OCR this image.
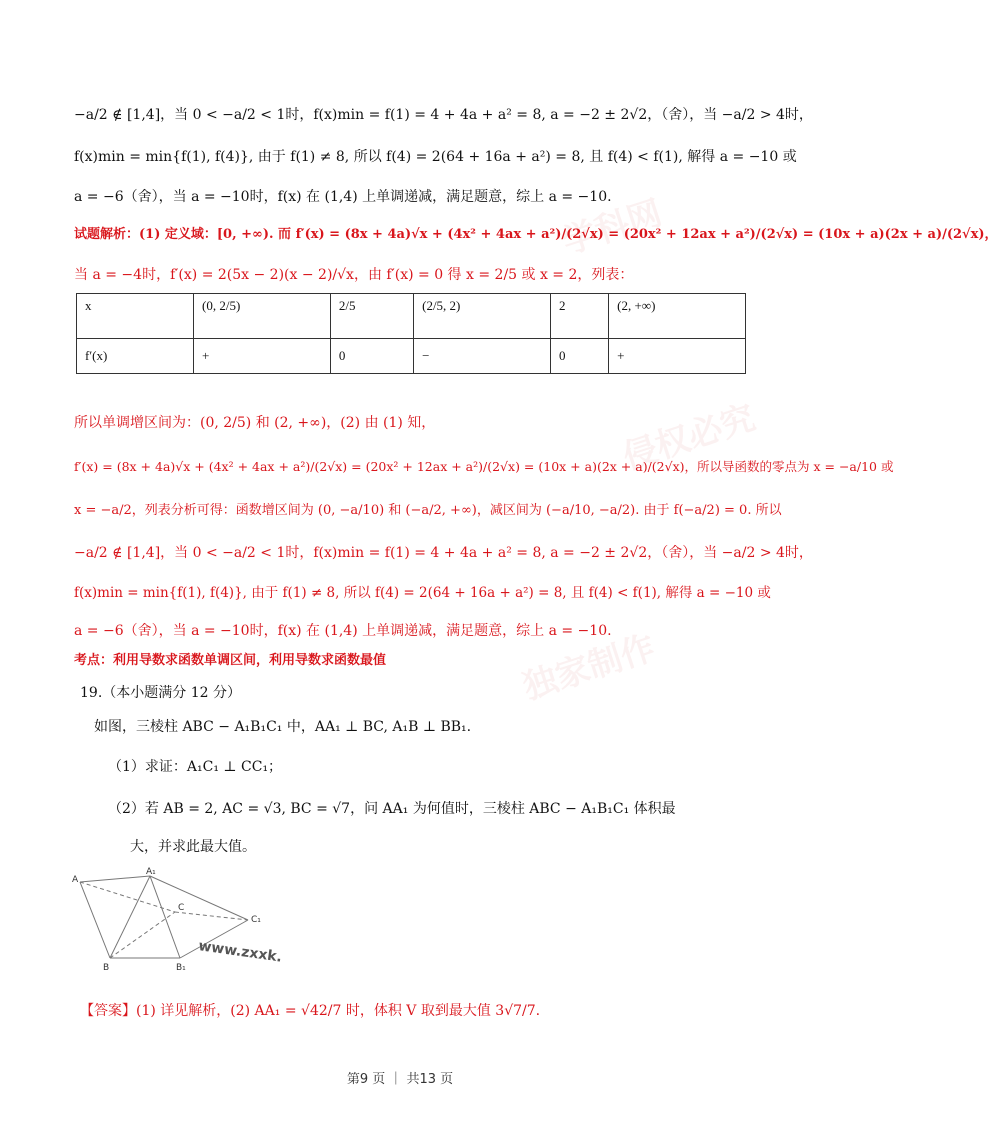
学科网
独家制作
侵权必究
−a/2 ∉ [1,4]，当 0 < −a/2 < 1时，f(x)min = f(1) = 4 + 4a + a² = 8, a = −2 ± 2√2，（舍），当 −a/2 > 4时，
f(x)min = min{f(1), f(4)}, 由于 f(1) ≠ 8, 所以 f(4) = 2(64 + 16a + a²) = 8, 且 f(4) < f(1), 解得 a = −10 或
a = −6（舍），当 a = −10时，f(x) 在 (1,4) 上单调递减，满足题意，综上 a = −10.
试题解析：(1) 定义域：[0, +∞). 而 f′(x) = (8x + 4a)√x + (4x² + 4ax + a²)/(2√x) = (20x² + 12ax + a²)/(2√x) = (10x + a)(2x + a)/(2√x)，
当 a = −4时，f′(x) = 2(5x − 2)(x − 2)/√x，由 f′(x) = 0 得 x = 2/5 或 x = 2，列表：
x	(0, 2/5)	2/5	(2/5, 2)	2	(2, +∞)
f′(x)	+	0	−	0	+
所以单调增区间为：(0, 2/5) 和 (2, +∞)，(2) 由 (1) 知，
f′(x) = (8x + 4a)√x + (4x² + 4ax + a²)/(2√x) = (20x² + 12ax + a²)/(2√x) = (10x + a)(2x + a)/(2√x)，所以导函数的零点为 x = −a/10 或
x = −a/2，列表分析可得：函数增区间为 (0, −a/10) 和 (−a/2, +∞)，减区间为 (−a/10, −a/2). 由于 f(−a/2) = 0. 所以
−a/2 ∉ [1,4]，当 0 < −a/2 < 1时，f(x)min = f(1) = 4 + 4a + a² = 8, a = −2 ± 2√2，（舍），当 −a/2 > 4时，
f(x)min = min{f(1), f(4)}, 由于 f(1) ≠ 8, 所以 f(4) = 2(64 + 16a + a²) = 8, 且 f(4) < f(1), 解得 a = −10 或
a = −6（舍），当 a = −10时，f(x) 在 (1,4) 上单调递减，满足题意，综上 a = −10.
考点：利用导数求函数单调区间，利用导数求函数最值
19.（本小题满分 12 分）
如图，三棱柱 ABC − A₁B₁C₁ 中，AA₁ ⊥ BC, A₁B ⊥ BB₁.
（1）求证：A₁C₁ ⊥ CC₁；
（2）若 AB = 2, AC = √3, BC = √7，问 AA₁ 为何值时，三棱柱 ABC − A₁B₁C₁ 体积最
大，并求此最大值。
A
A₁
C
C₁
B	B₁
www.zxxk.
【答案】(1) 详见解析，(2) AA₁ = √42/7 时，体积 V 取到最大值 3√7/7.
第9 页 ｜ 共13 页
